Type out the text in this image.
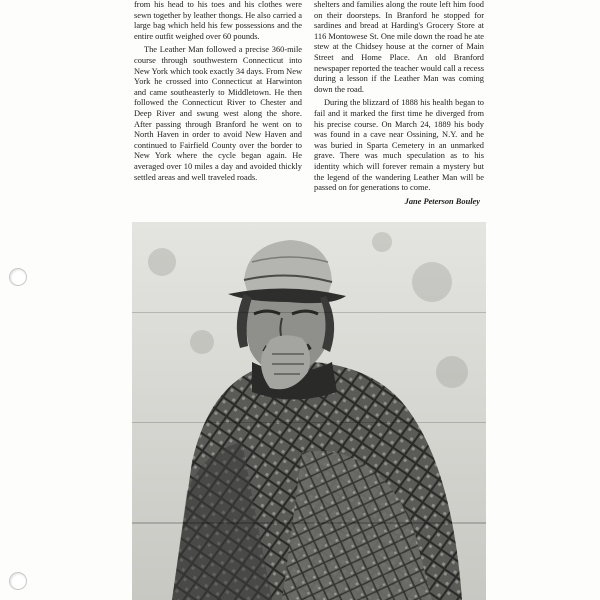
from his head to his toes and his clothes were sewn together by leather thongs. He also carried a large bag which held his few possessions and the entire outfit weighed over 60 pounds.

The Leather Man followed a precise 360-mile course through southwestern Connecticut into New York which took exactly 34 days. From New York he crossed into Connecticut at Harwinton and came southeasterly to Middletown. He then followed the Connecticut River to Chester and Deep River and swung west along the shore. After passing through Branford he went on to North Haven in order to avoid New Haven and continued to Fairfield County over the border to New York where the cycle began again. He averaged over 10 miles a day and avoided thickly settled areas and well traveled roads.

shelters and families along the route left him food on their doorsteps. In Branford he stopped for sardines and bread at Harding's Grocery Store at 116 Montowese St. One mile down the road he ate stew at the Chidsey house at the corner of Main Street and Home Place. An old Branford newspaper reported the teacher would call a recess during a lesson if the Leather Man was coming down the road.

During the blizzard of 1888 his health began to fail and it marked the first time he diverged from his precise course. On March 24, 1889 his body was found in a cave near Ossining, N.Y. and he was buried in Sparta Cemetery in an unmarked grave. There was much speculation as to his identity which will forever remain a mystery but the legend of the wandering Leather Man will be passed on for generations to come.

Jane Peterson Bouley
